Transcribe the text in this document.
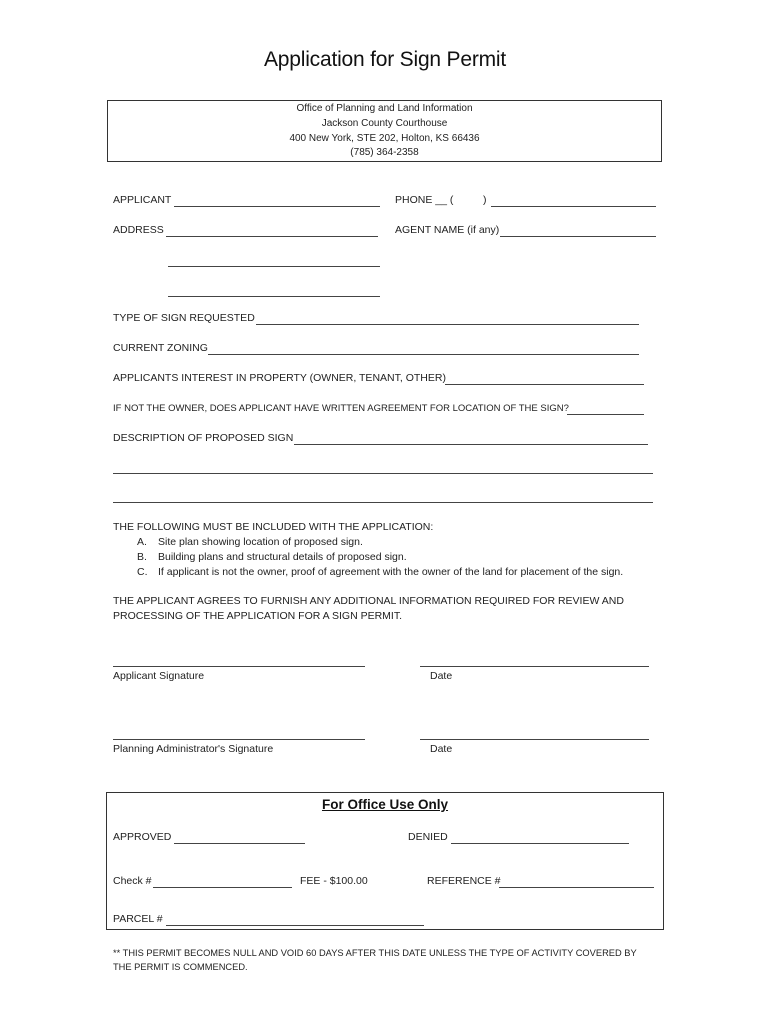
Application for Sign Permit
Office of Planning and Land Information
Jackson County Courthouse
400 New York, STE 202, Holton, KS 66436
(785) 364-2358
APPLICANT	PHONE __ (	)
ADDRESS	AGENT NAME (if any)
TYPE OF SIGN REQUESTED
CURRENT ZONING
APPLICANTS INTEREST IN PROPERTY (OWNER, TENANT, OTHER)
IF NOT THE OWNER, DOES APPLICANT HAVE WRITTEN AGREEMENT FOR LOCATION OF THE SIGN?
DESCRIPTION OF PROPOSED SIGN
THE FOLLOWING MUST BE INCLUDED WITH THE APPLICATION:
A. Site plan showing location of proposed sign.
B. Building plans and structural details of proposed sign.
C. If applicant is not the owner, proof of agreement with the owner of the land for placement of the sign.
THE APPLICANT AGREES TO FURNISH ANY ADDITIONAL INFORMATION REQUIRED FOR REVIEW AND
PROCESSING OF THE APPLICATION FOR A SIGN PERMIT.
Applicant Signature	Date
Planning Administrator's Signature	Date
For Office Use Only
APPROVED	DENIED
Check #	FEE - $100.00	REFERENCE #
PARCEL #
** THIS PERMIT BECOMES NULL AND VOID 60 DAYS AFTER THIS DATE UNLESS THE TYPE OF ACTIVITY COVERED BY
THE PERMIT IS COMMENCED.
